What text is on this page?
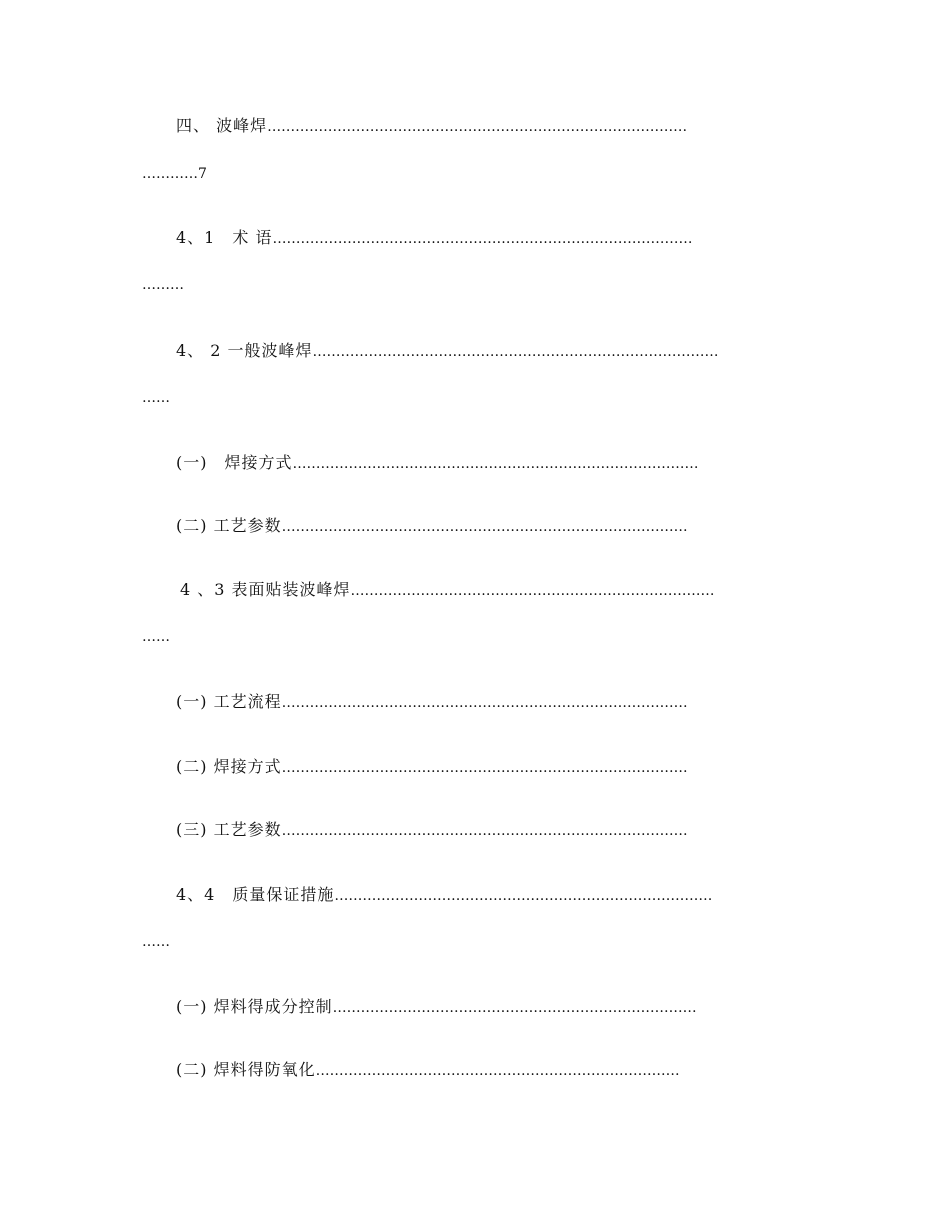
四、 波峰焊………………………………………………………………………………
…………7
4、1　术 语………………………………………………………………………………
………
4、 2 一般波峰焊……………………………………………………………………………
……
(一)　焊接方式……………………………………………………………………………
(二) 工艺参数……………………………………………………………………………
4 、3 表面贴装波峰焊……………………………………………………………………
……
(一) 工艺流程……………………………………………………………………………
(二) 焊接方式……………………………………………………………………………
(三) 工艺参数……………………………………………………………………………
4、4　质量保证措施………………………………………………………………………
……
(一) 焊料得成分控制……………………………………………………………………
(二) 焊料得防氧化……………………………………………………………………
